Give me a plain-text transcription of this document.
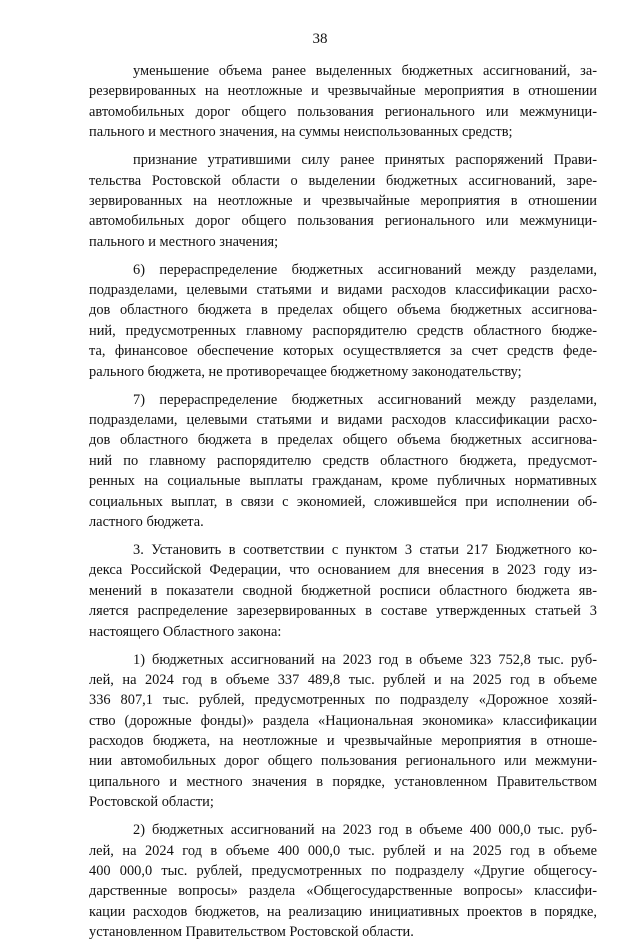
38
уменьшение объема ранее выделенных бюджетных ассигнований, за-
резервированных на неотложные и чрезвычайные мероприятия в отношении
автомобильных дорог общего пользования регионального или межмуници-
пального и местного значения, на суммы неиспользованных средств;
признание утратившими силу ранее принятых распоряжений Прави-
тельства Ростовской области о выделении бюджетных ассигнований, заре-
зервированных на неотложные и чрезвычайные мероприятия в отношении
автомобильных дорог общего пользования регионального или межмуници-
пального и местного значения;
6) перераспределение бюджетных ассигнований между разделами,
подразделами, целевыми статьями и видами расходов классификации расхо-
дов областного бюджета в пределах общего объема бюджетных ассигнова-
ний, предусмотренных главному распорядителю средств областного бюдже-
та, финансовое обеспечение которых осуществляется за счет средств феде-
рального бюджета, не противоречащее бюджетному законодательству;
7) перераспределение бюджетных ассигнований между разделами,
подразделами, целевыми статьями и видами расходов классификации расхо-
дов областного бюджета в пределах общего объема бюджетных ассигнова-
ний по главному распорядителю средств областного бюджета, предусмот-
ренных на социальные выплаты гражданам, кроме публичных нормативных
социальных выплат, в связи с экономией, сложившейся при исполнении об-
ластного бюджета.
3. Установить в соответствии с пунктом 3 статьи 217 Бюджетного ко-
декса Российской Федерации, что основанием для внесения в 2023 году из-
менений в показатели сводной бюджетной росписи областного бюджета яв-
ляется распределение зарезервированных в составе утвержденных статьей 3
настоящего Областного закона:
1) бюджетных ассигнований на 2023 год в объеме 323 752,8 тыс. руб-
лей, на 2024 год в объеме 337 489,8 тыс. рублей и на 2025 год в объеме
336 807,1 тыс. рублей, предусмотренных по подразделу «Дорожное хозяй-
ство (дорожные фонды)» раздела «Национальная экономика» классификации
расходов бюджета, на неотложные и чрезвычайные мероприятия в отноше-
нии автомобильных дорог общего пользования регионального или межмуни-
ципального и местного значения в порядке, установленном Правительством
Ростовской области;
2) бюджетных ассигнований на 2023 год в объеме 400 000,0 тыс. руб-
лей, на 2024 год в объеме 400 000,0 тыс. рублей и на 2025 год в объеме
400 000,0 тыс. рублей, предусмотренных по подразделу «Другие общегосу-
дарственные вопросы» раздела «Общегосударственные вопросы» классифи-
кации расходов бюджетов, на реализацию инициативных проектов в порядке,
установленном Правительством Ростовской области.
